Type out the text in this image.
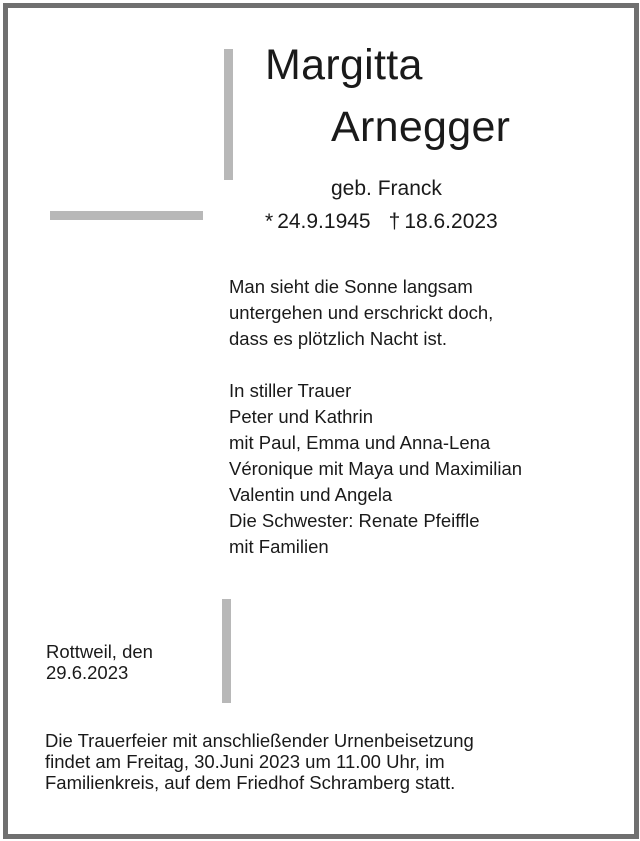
Margitta
Arnegger
geb. Franck
* 24.9.1945 † 18.6.2023
Man sieht die Sonne langsam
untergehen und erschrickt doch,
dass es plötzlich Nacht ist.
In stiller Trauer
Peter und Kathrin
mit Paul, Emma und Anna-Lena
Véronique mit Maya und Maximilian
Valentin und Angela
Die Schwester: Renate Pfeiffle
mit Familien
Rottweil, den
29.6.2023
Die Trauerfeier mit anschließender Urnenbeisetzung
findet am Freitag, 30.Juni 2023 um 11.00 Uhr, im
Familienkreis, auf dem Friedhof Schramberg statt.
